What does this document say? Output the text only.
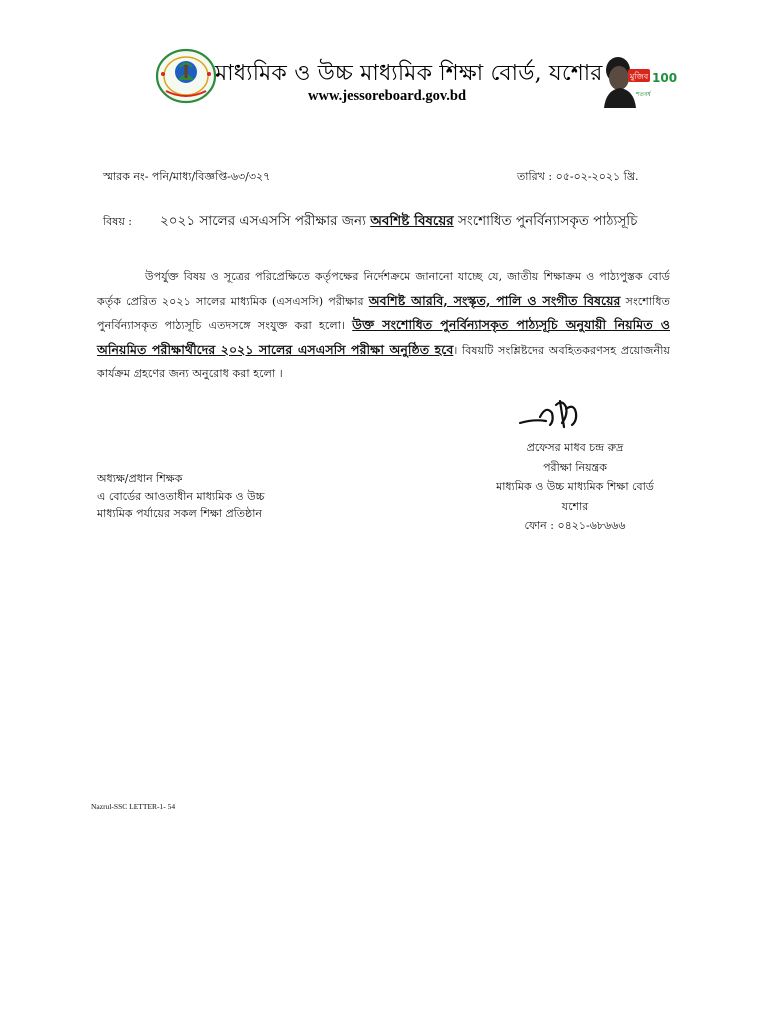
মাধ্যমিক ও উচ্চ মাধ্যমিক শিক্ষা বোর্ড, যশোর
www.jessoreboard.gov.bd
মুজিব
শতবর্ষ
100
স্মারক নং- পনি/মাধ্য/বিজ্ঞপ্তি-৬৩/৩২৭	তারিখ : ০৫-০২-২০২১ খ্রি.
বিষয় : ২০২১ সালের এসএসসি পরীক্ষার জন্য অবশিষ্ট বিষয়ের সংশোধিত পুনর্বিন্যাসকৃত পাঠ্যসূচি
উপর্যুক্ত বিষয় ও সূত্রের পরিপ্রেক্ষিতে কর্তৃপক্ষের নির্দেশক্রমে জানানো যাচ্ছে যে, জাতীয় শিক্ষাক্রম ও পাঠ্যপুস্তক বোর্ড কর্তৃক প্রেরিত ২০২১ সালের মাধ্যমিক (এসএসসি) পরীক্ষার অবশিষ্ট আরবি, সংস্কৃত, পালি ও সংগীত বিষয়ের সংশোধিত পুনর্বিন্যাসকৃত পাঠ্যসূচি এতদসঙ্গে সংযুক্ত করা হলো। উক্ত সংশোধিত পুনর্বিন্যাসকৃত পাঠ্যসূচি অনুযায়ী নিয়মিত ও অনিয়মিত পরীক্ষার্থীদের ২০২১ সালের এসএসসি পরীক্ষা অনুষ্ঠিত হবে। বিষয়টি সংশ্লিষ্টদের অবহিতকরণসহ প্রয়োজনীয় কার্যক্রম গ্রহণের জন্য অনুরোধ করা হলো ।
প্রফেসর মাধব চন্দ্র রুদ্র
পরীক্ষা নিয়ন্ত্রক
মাধ্যমিক ও উচ্চ মাধ্যমিক শিক্ষা বোর্ড
যশোর
ফোন : ০৪২১-৬৮৬৬৬
অধ্যক্ষ/প্রধান শিক্ষক
এ বোর্ডের আওতাধীন মাধ্যমিক ও উচ্চ
মাধ্যমিক পর্যায়ের সকল শিক্ষা প্রতিষ্ঠান
Nazrul-SSC LETTER-1- 54
